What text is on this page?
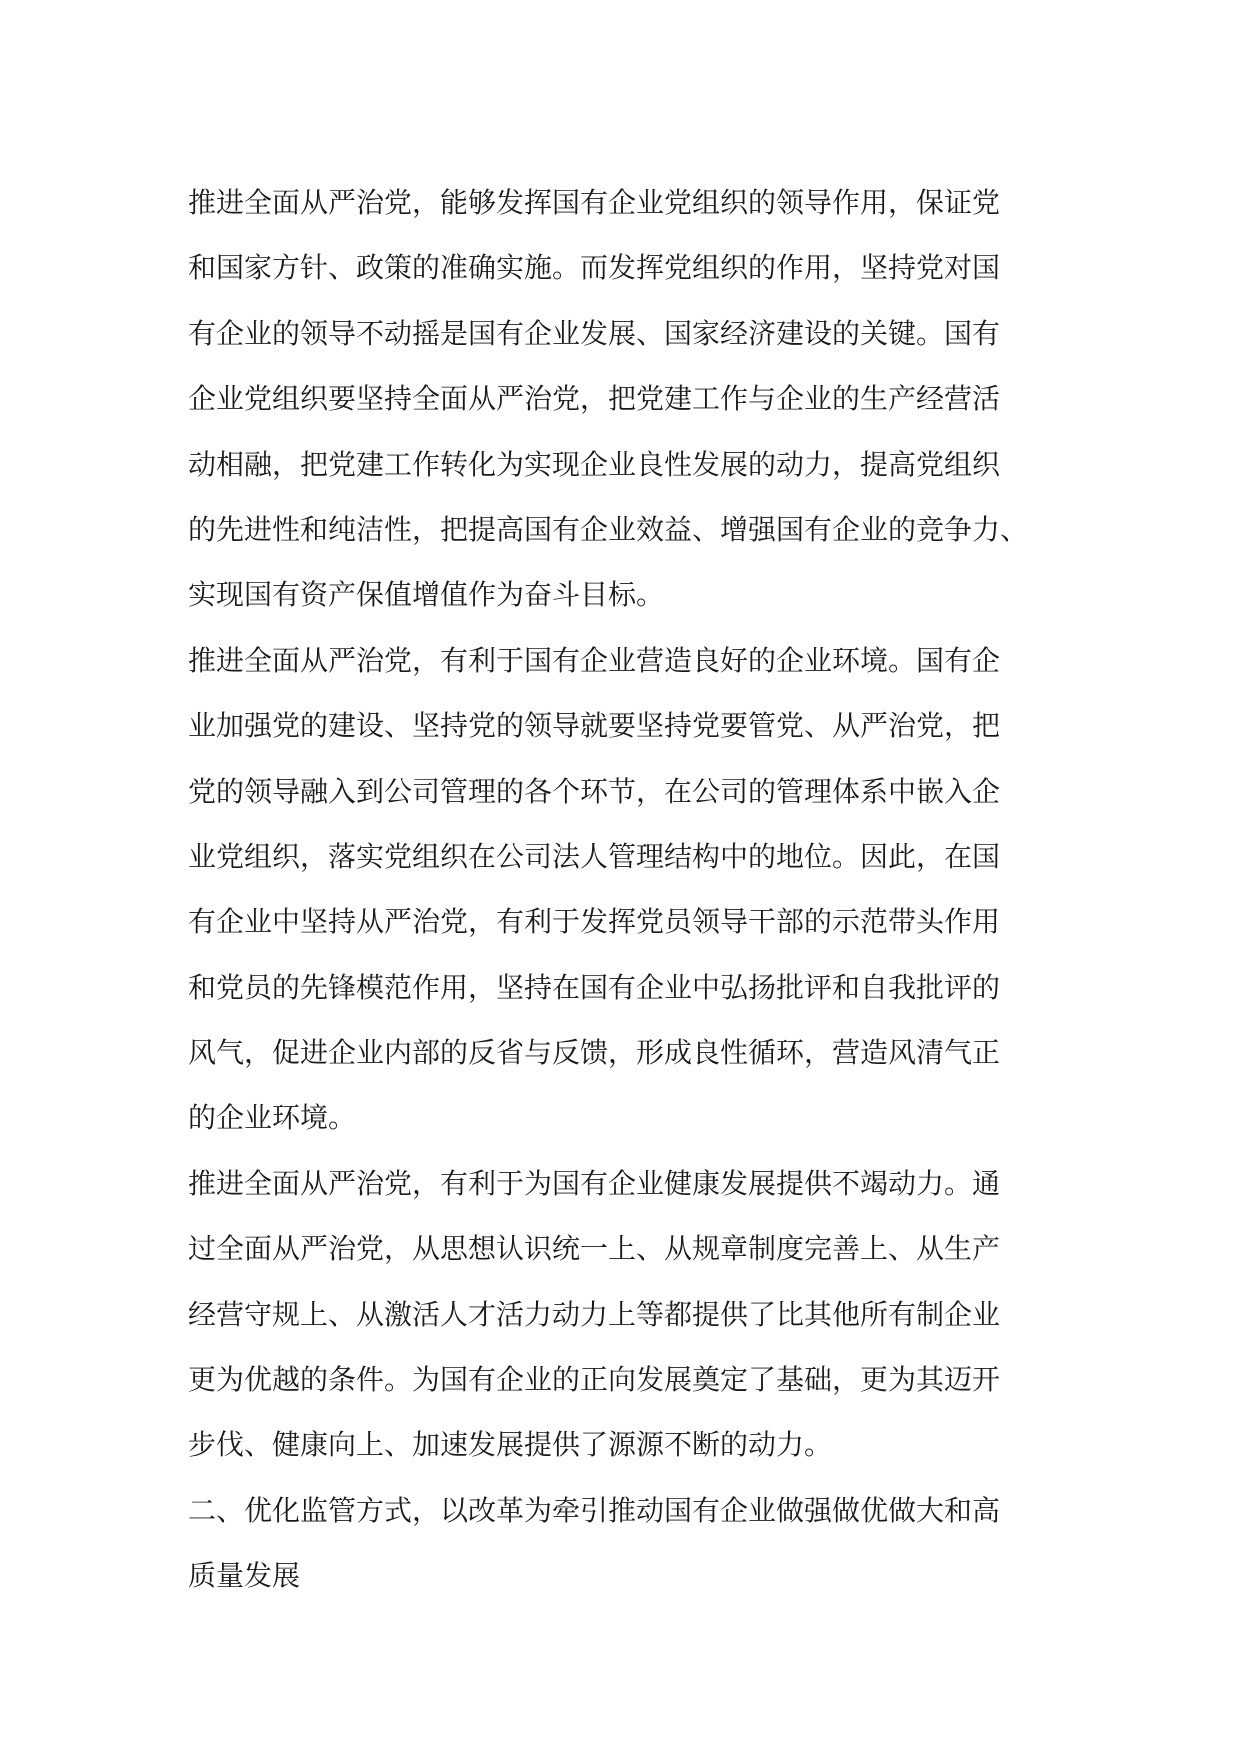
推进全面从严治党，能够发挥国有企业党组织的领导作用，保证党
和国家方针、政策的准确实施。而发挥党组织的作用，坚持党对国
有企业的领导不动摇是国有企业发展、国家经济建设的关键。国有
企业党组织要坚持全面从严治党，把党建工作与企业的生产经营活
动相融，把党建工作转化为实现企业良性发展的动力，提高党组织
的先进性和纯洁性，把提高国有企业效益、增强国有企业的竞争力、
实现国有资产保值增值作为奋斗目标。
推进全面从严治党，有利于国有企业营造良好的企业环境。国有企
业加强党的建设、坚持党的领导就要坚持党要管党、从严治党，把
党的领导融入到公司管理的各个环节，在公司的管理体系中嵌入企
业党组织，落实党组织在公司法人管理结构中的地位。因此，在国
有企业中坚持从严治党，有利于发挥党员领导干部的示范带头作用
和党员的先锋模范作用，坚持在国有企业中弘扬批评和自我批评的
风气，促进企业内部的反省与反馈，形成良性循环，营造风清气正
的企业环境。
推进全面从严治党，有利于为国有企业健康发展提供不竭动力。通
过全面从严治党，从思想认识统一上、从规章制度完善上、从生产
经营守规上、从激活人才活力动力上等都提供了比其他所有制企业
更为优越的条件。为国有企业的正向发展奠定了基础，更为其迈开
步伐、健康向上、加速发展提供了源源不断的动力。
二、优化监管方式，以改革为牵引推动国有企业做强做优做大和高
质量发展
